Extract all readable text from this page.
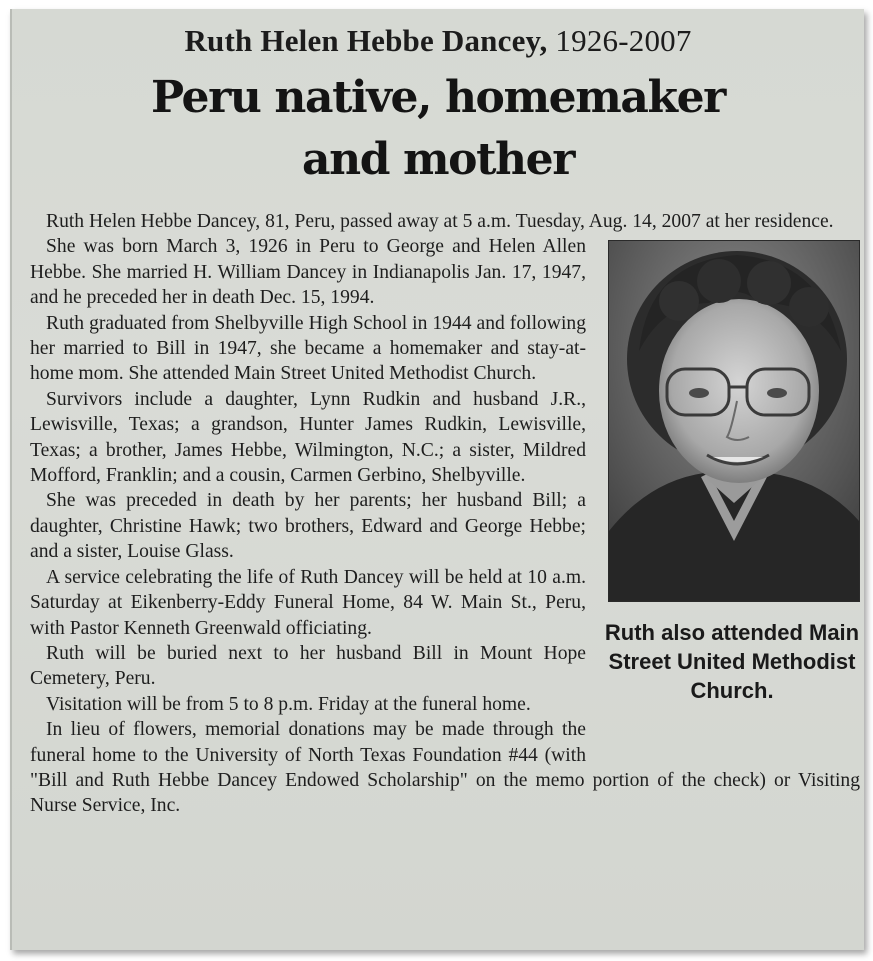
Ruth Helen Hebbe Dancey, 1926-2007
Peru native, homemaker
and mother

Ruth Helen Hebbe Dancey, 81, Peru, passed away at 5 a.m. Tuesday, Aug. 14, 2007 at her residence.

Ruth also attended Main Street United Methodist Church.

She was born March 3, 1926 in Peru to George and Helen Allen Hebbe. She married H. William Dancey in Indianapolis Jan. 17, 1947, and he preceded her in death Dec. 15, 1994.

Ruth graduated from Shelbyville High School in 1944 and following her married to Bill in 1947, she became a homemaker and stay-at-home mom. She attended Main Street United Methodist Church.

Survivors include a daughter, Lynn Rudkin and husband J.R., Lewisville, Texas; a grandson, Hunter James Rudkin, Lewisville, Texas; a brother, James Hebbe, Wilmington, N.C.; a sister, Mildred Mofford, Franklin; and a cousin, Carmen Gerbino, Shelbyville.

She was preceded in death by her parents; her husband Bill; a daughter, Christine Hawk; two brothers, Edward and George Hebbe; and a sister, Louise Glass.

A service celebrating the life of Ruth Dancey will be held at 10 a.m. Saturday at Eikenberry-Eddy Funeral Home, 84 W. Main St., Peru, with Pastor Kenneth Greenwald officiating.

Ruth will be buried next to her husband Bill in Mount Hope Cemetery, Peru.

Visitation will be from 5 to 8 p.m. Friday at the funeral home.

In lieu of flowers, memorial donations may be made through the funeral home to the University of North Texas Foundation #44 (with "Bill and Ruth Hebbe Dancey Endowed Scholarship" on the memo portion of the check) or Visiting Nurse Service, Inc.
